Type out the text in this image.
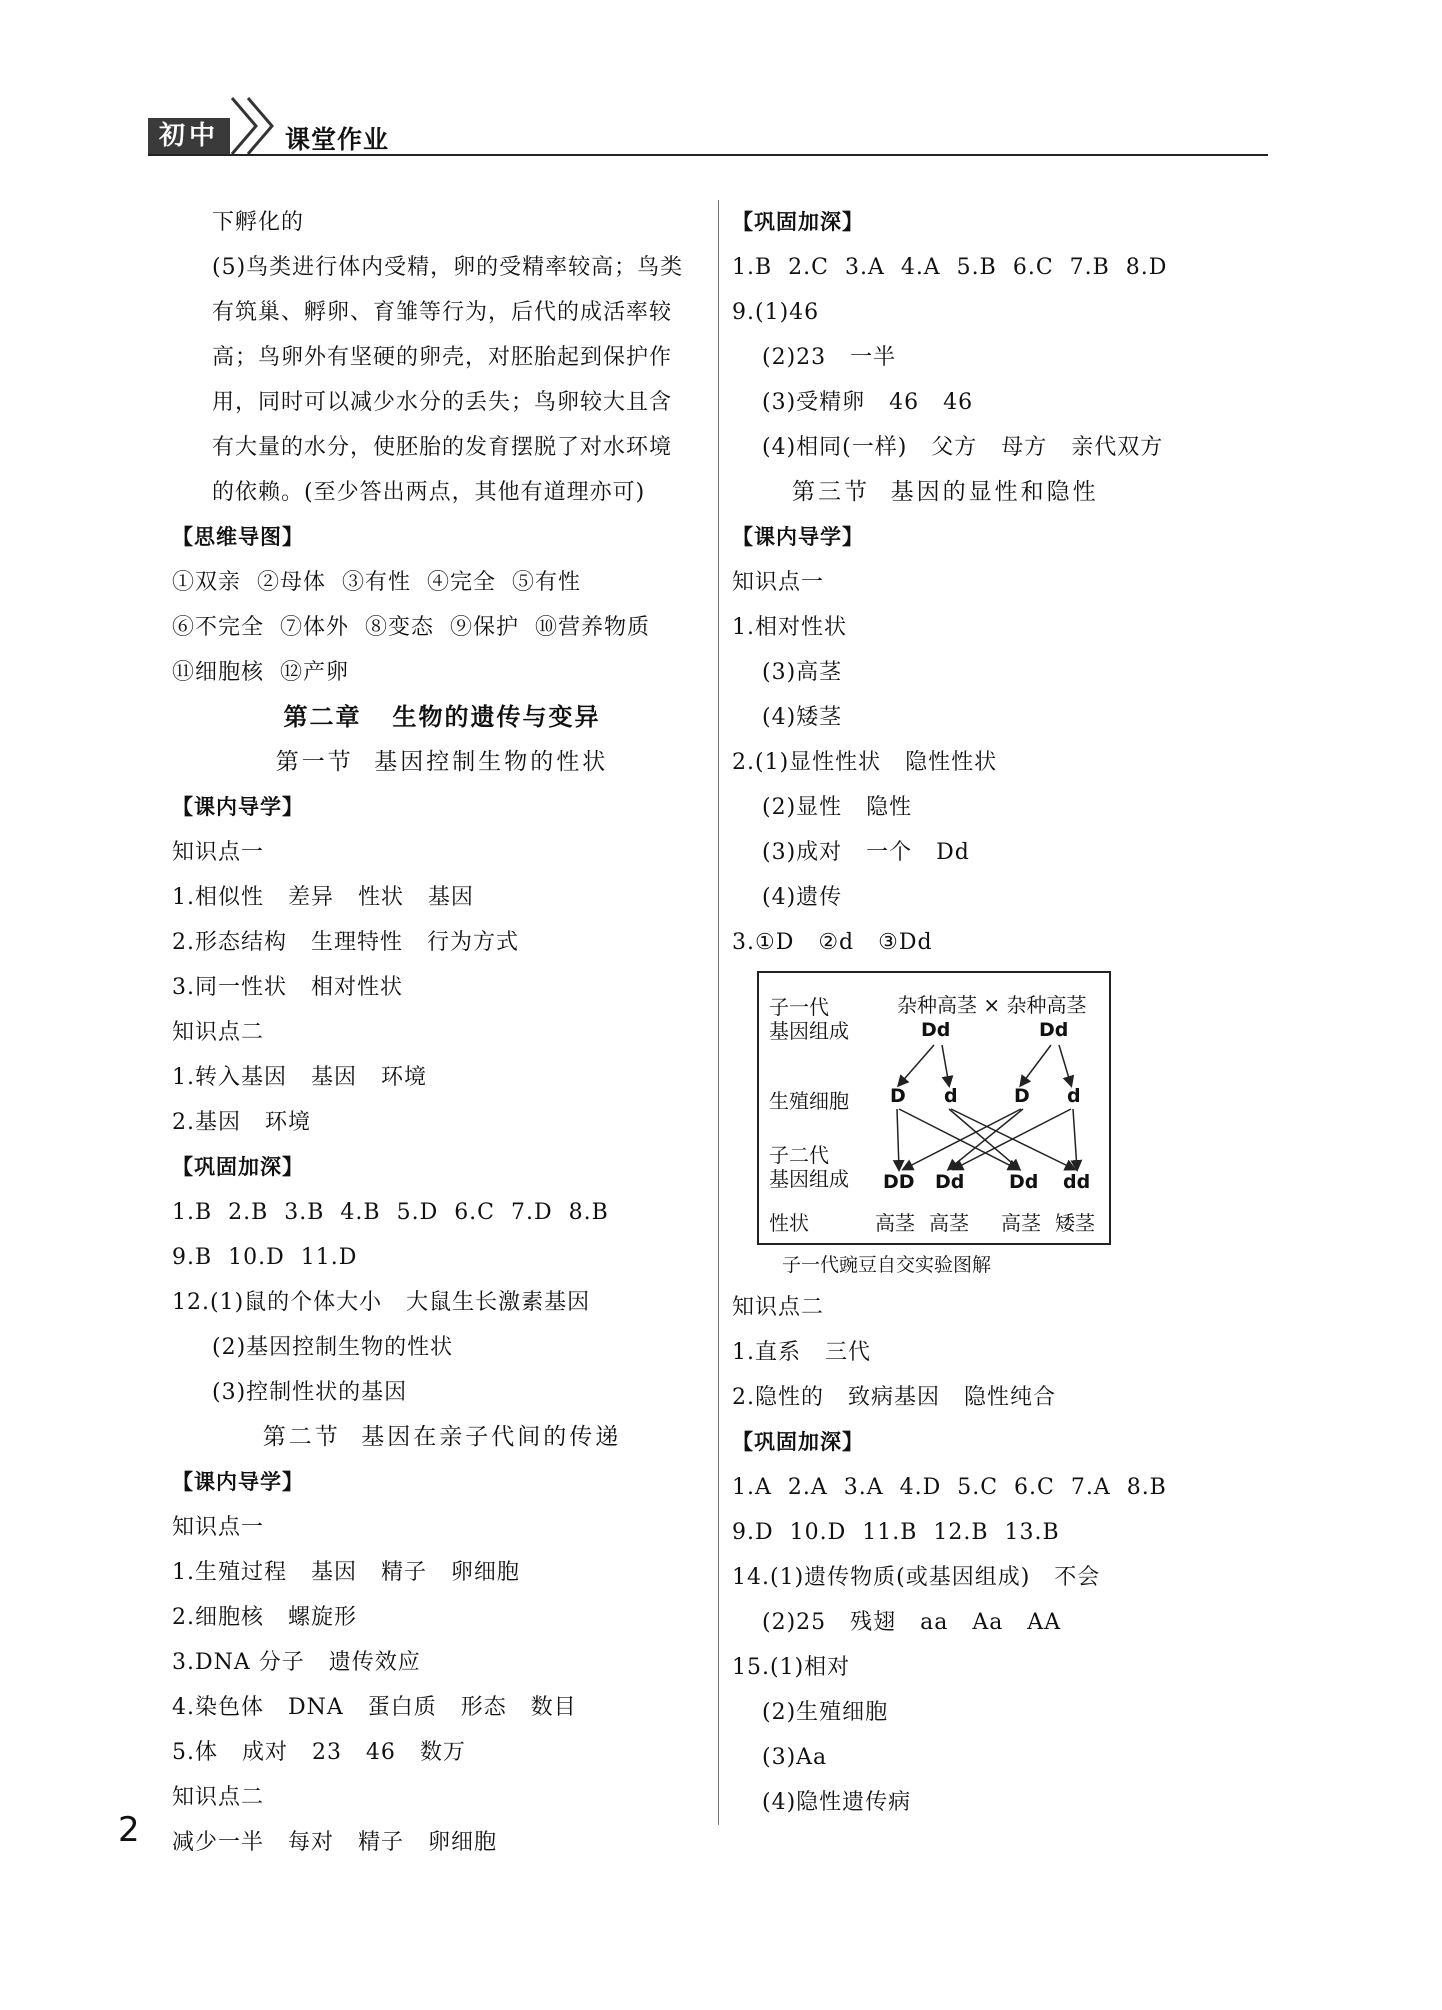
初中	课堂作业
下孵化的
(5)鸟类进行体内受精，卵的受精率较高；鸟类
有筑巢、孵卵、育雏等行为，后代的成活率较
高；鸟卵外有坚硬的卵壳，对胚胎起到保护作
用，同时可以减少水分的丢失；鸟卵较大且含
有大量的水分，使胚胎的发育摆脱了对水环境
的依赖。(至少答出两点，其他有道理亦可)
【思维导图】
①双亲  ②母体  ③有性  ④完全  ⑤有性
⑥不完全  ⑦体外  ⑧变态  ⑨保护  ⑩营养物质
⑪细胞核  ⑫产卵
第二章   生物的遗传与变异
第一节  基因控制生物的性状
【课内导学】
知识点一
1.相似性   差异   性状   基因
2.形态结构   生理特性   行为方式
3.同一性状   相对性状
知识点二
1.转入基因   基因   环境
2.基因   环境
【巩固加深】
1.B  2.B  3.B  4.B  5.D  6.C  7.D  8.B
9.B  10.D  11.D
12.(1)鼠的个体大小   大鼠生长激素基因
(2)基因控制生物的性状
(3)控制性状的基因
第二节  基因在亲子代间的传递
【课内导学】
知识点一
1.生殖过程   基因   精子   卵细胞
2.细胞核   螺旋形
3.DNA 分子   遗传效应
4.染色体   DNA   蛋白质   形态   数目
5.体   成对   23   46   数万
知识点二
减少一半   每对   精子   卵细胞
【巩固加深】
1.B  2.C  3.A  4.A  5.B  6.C  7.B  8.D
9.(1)46
(2)23   一半
(3)受精卵   46   46
(4)相同(一样)   父方   母方   亲代双方
第三节  基因的显性和隐性
【课内导学】
知识点一
1.相对性状
(3)高茎
(4)矮茎
2.(1)显性性状   隐性性状
(2)显性   隐性
(3)成对   一个   Dd
(4)遗传
3.①D   ②d   ③Dd
子一代
基因组成
杂种高茎 × 杂种高茎
Dd	Dd
生殖细胞 D d	D d
子二代
基因组成 DD Dd Dd dd
性状	高茎 高茎 高茎 矮茎
子一代豌豆自交实验图解
知识点二
1.直系   三代
2.隐性的   致病基因   隐性纯合
【巩固加深】
1.A  2.A  3.A  4.D  5.C  6.C  7.A  8.B
9.D  10.D  11.B  12.B  13.B
14.(1)遗传物质(或基因组成)   不会
(2)25   残翅   aa   Aa   AA
15.(1)相对
(2)生殖细胞
(3)Aa
(4)隐性遗传病
2
